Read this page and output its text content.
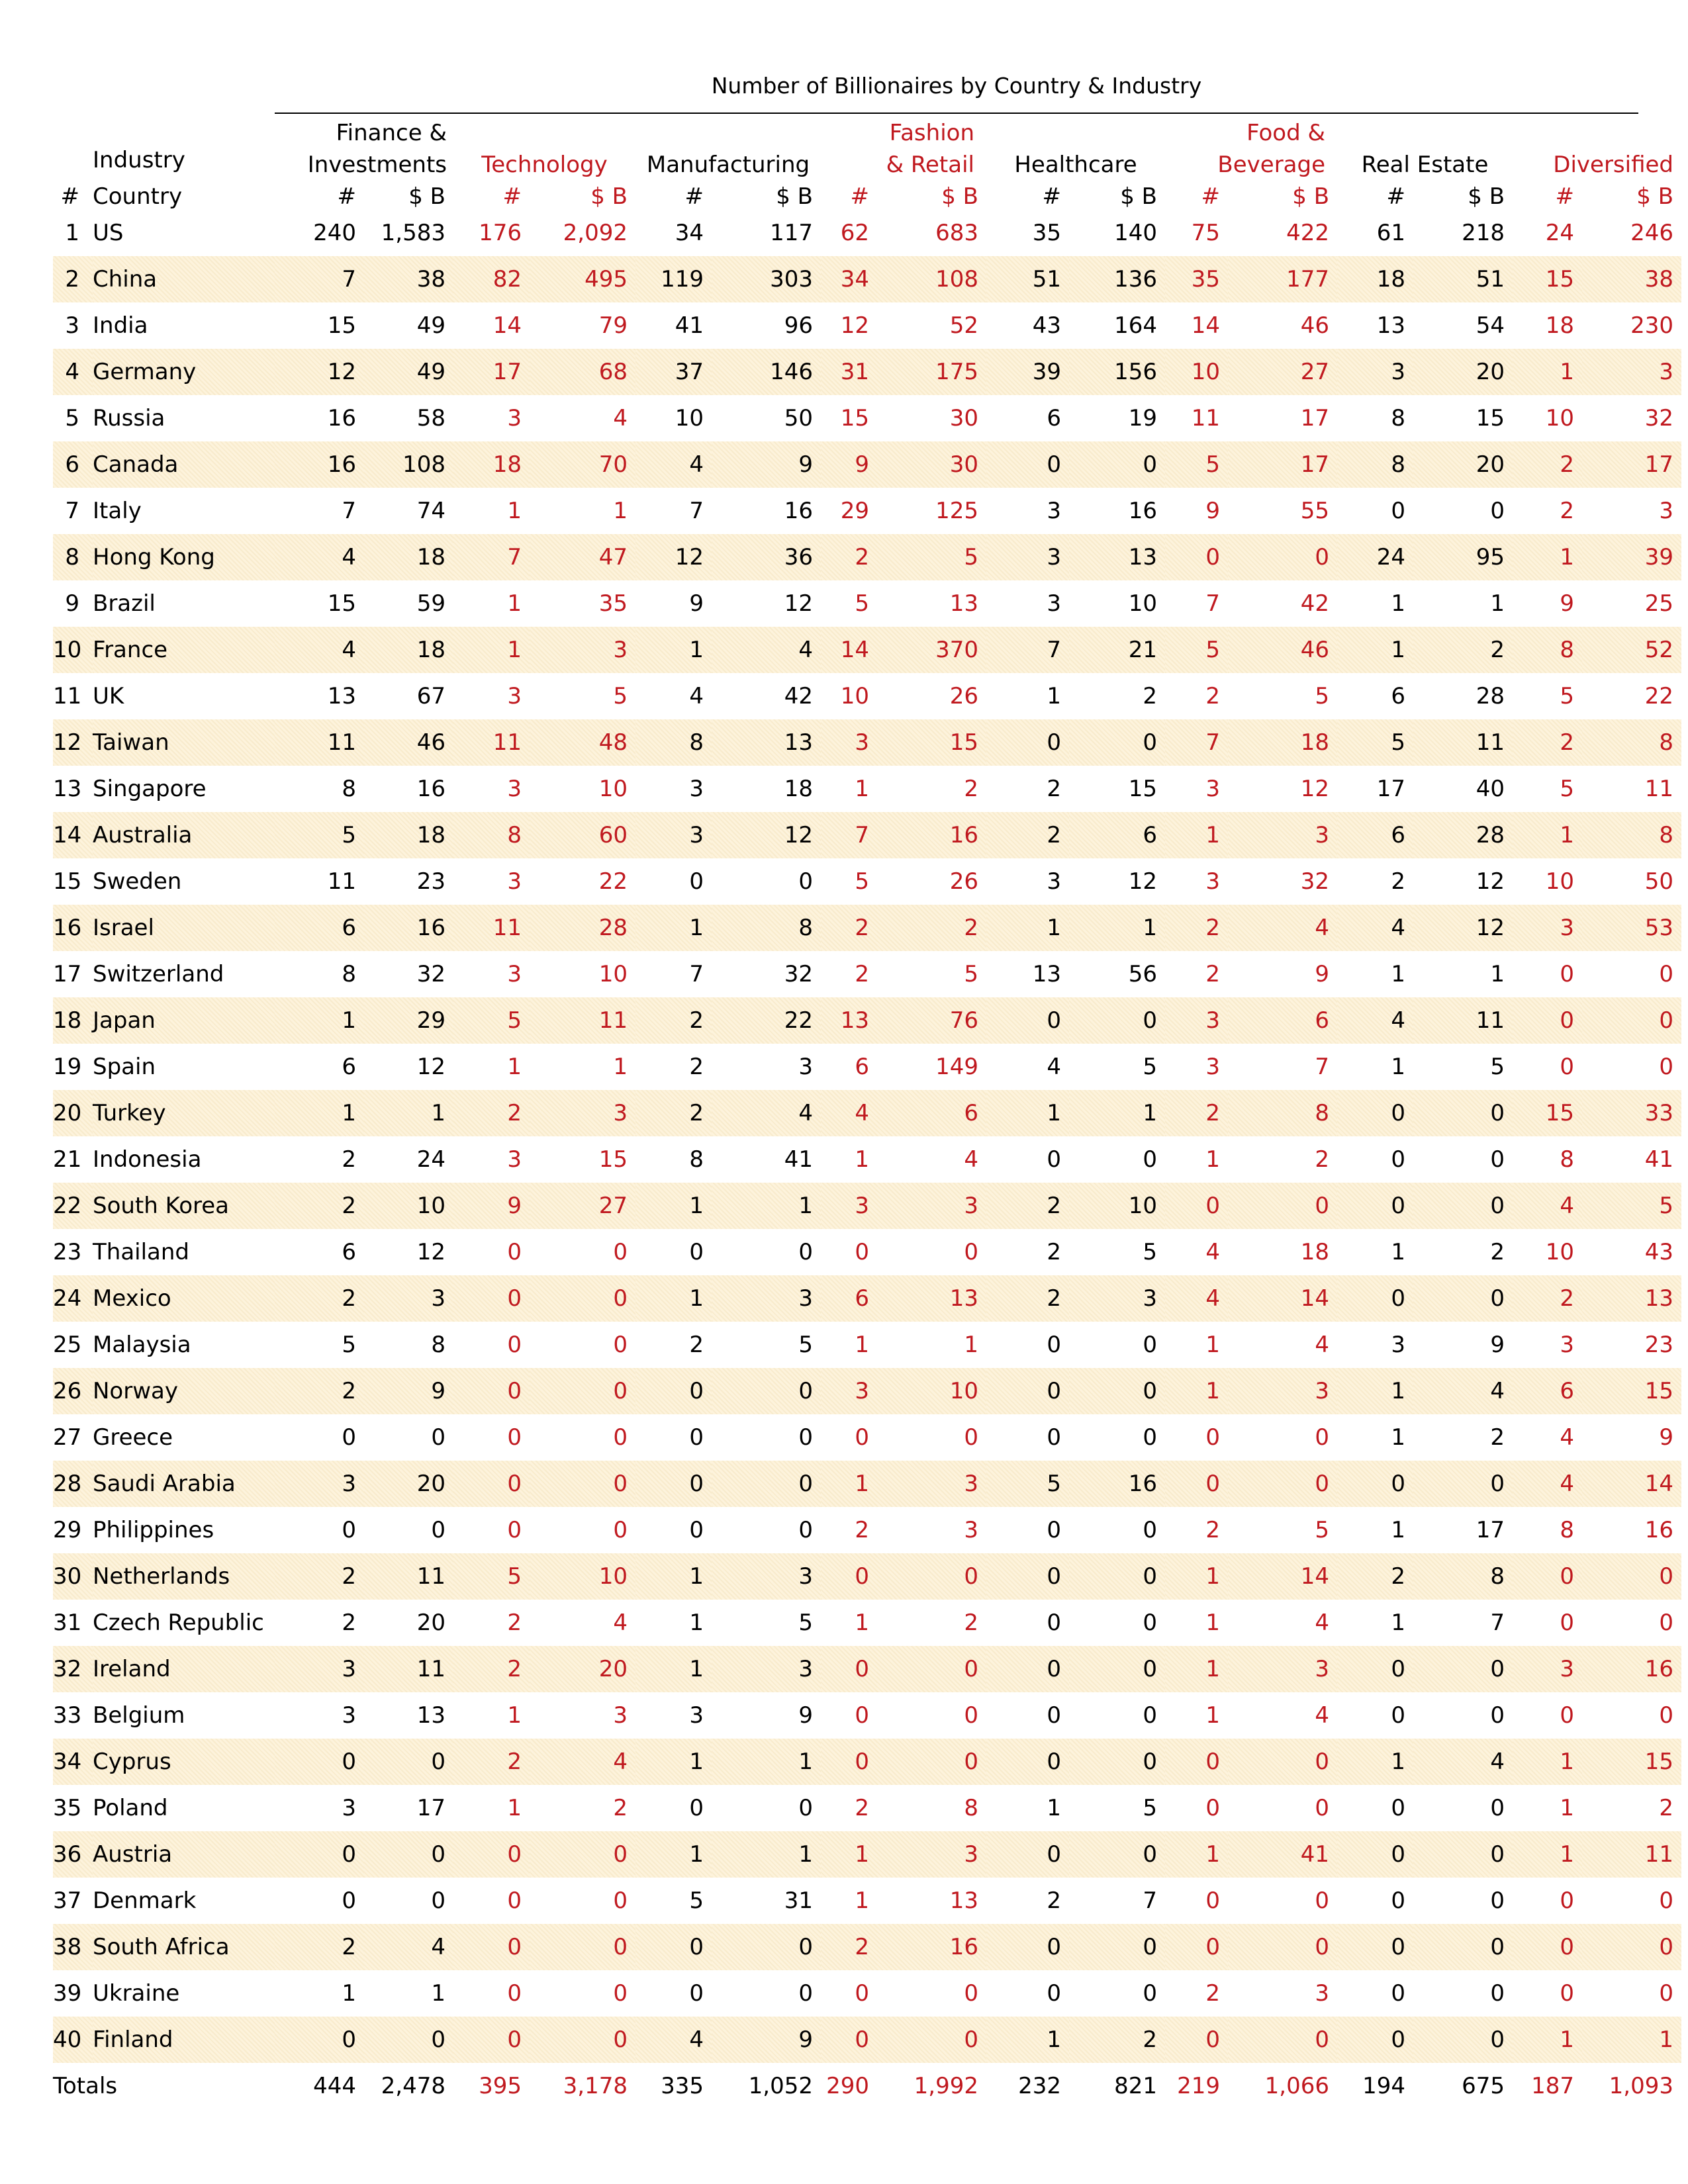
Number of Billionaires by Country & Industry
	Industry	Finance &						Fashion				Food &					
		Investments		Technology		Manufacturing		& Retail		Healthcare		Beverage		Real Estate		Diversified	
#	Country	#	$ B	#	$ B	#	$ B	#	$ B	#	$ B	#	$ B	#	$ B	#	$ B
1	US	240	1,583	176	2,092	34	117	62	683	35	140	75	422	61	218	24	246
2	China	7	38	82	495	119	303	34	108	51	136	35	177	18	51	15	38
3	India	15	49	14	79	41	96	12	52	43	164	14	46	13	54	18	230
4	Germany	12	49	17	68	37	146	31	175	39	156	10	27	3	20	1	3
5	Russia	16	58	3	4	10	50	15	30	6	19	11	17	8	15	10	32
6	Canada	16	108	18	70	4	9	9	30	0	0	5	17	8	20	2	17
7	Italy	7	74	1	1	7	16	29	125	3	16	9	55	0	0	2	3
8	Hong Kong	4	18	7	47	12	36	2	5	3	13	0	0	24	95	1	39
9	Brazil	15	59	1	35	9	12	5	13	3	10	7	42	1	1	9	25
10	France	4	18	1	3	1	4	14	370	7	21	5	46	1	2	8	52
11	UK	13	67	3	5	4	42	10	26	1	2	2	5	6	28	5	22
12	Taiwan	11	46	11	48	8	13	3	15	0	0	7	18	5	11	2	8
13	Singapore	8	16	3	10	3	18	1	2	2	15	3	12	17	40	5	11
14	Australia	5	18	8	60	3	12	7	16	2	6	1	3	6	28	1	8
15	Sweden	11	23	3	22	0	0	5	26	3	12	3	32	2	12	10	50
16	Israel	6	16	11	28	1	8	2	2	1	1	2	4	4	12	3	53
17	Switzerland	8	32	3	10	7	32	2	5	13	56	2	9	1	1	0	0
18	Japan	1	29	5	11	2	22	13	76	0	0	3	6	4	11	0	0
19	Spain	6	12	1	1	2	3	6	149	4	5	3	7	1	5	0	0
20	Turkey	1	1	2	3	2	4	4	6	1	1	2	8	0	0	15	33
21	Indonesia	2	24	3	15	8	41	1	4	0	0	1	2	0	0	8	41
22	South Korea	2	10	9	27	1	1	3	3	2	10	0	0	0	0	4	5
23	Thailand	6	12	0	0	0	0	0	0	2	5	4	18	1	2	10	43
24	Mexico	2	3	0	0	1	3	6	13	2	3	4	14	0	0	2	13
25	Malaysia	5	8	0	0	2	5	1	1	0	0	1	4	3	9	3	23
26	Norway	2	9	0	0	0	0	3	10	0	0	1	3	1	4	6	15
27	Greece	0	0	0	0	0	0	0	0	0	0	0	0	1	2	4	9
28	Saudi Arabia	3	20	0	0	0	0	1	3	5	16	0	0	0	0	4	14
29	Philippines	0	0	0	0	0	0	2	3	0	0	2	5	1	17	8	16
30	Netherlands	2	11	5	10	1	3	0	0	0	0	1	14	2	8	0	0
31	Czech Republic	2	20	2	4	1	5	1	2	0	0	1	4	1	7	0	0
32	Ireland	3	11	2	20	1	3	0	0	0	0	1	3	0	0	3	16
33	Belgium	3	13	1	3	3	9	0	0	0	0	1	4	0	0	0	0
34	Cyprus	0	0	2	4	1	1	0	0	0	0	0	0	1	4	1	15
35	Poland	3	17	1	2	0	0	2	8	1	5	0	0	0	0	1	2
36	Austria	0	0	0	0	1	1	1	3	0	0	1	41	0	0	1	11
37	Denmark	0	0	0	0	5	31	1	13	2	7	0	0	0	0	0	0
38	South Africa	2	4	0	0	0	0	2	16	0	0	0	0	0	0	0	0
39	Ukraine	1	1	0	0	0	0	0	0	0	0	2	3	0	0	0	0
40	Finland	0	0	0	0	4	9	0	0	1	2	0	0	0	0	1	1
Totals		444	2,478	395	3,178	335	1,052	290	1,992	232	821	219	1,066	194	675	187	1,093
